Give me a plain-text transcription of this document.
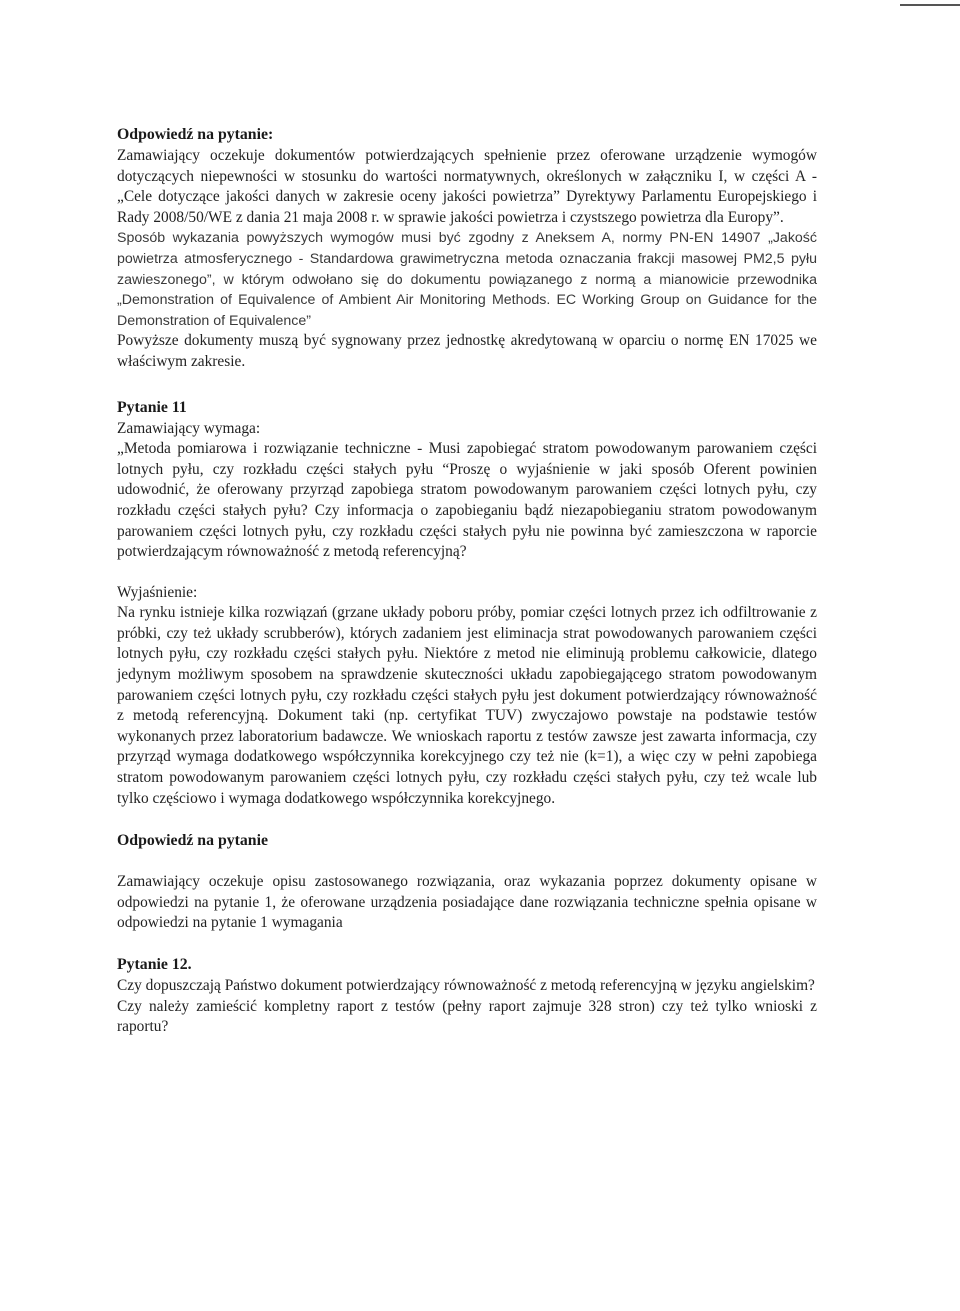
Odpowiedź na pytanie:

Zamawiający oczekuje dokumentów potwierdzających spełnienie przez oferowane urządzenie wymogów dotyczących niepewności w stosunku do wartości normatywnych, określonych w załączniku I, w części A - „Cele dotyczące jakości danych w zakresie oceny jakości powietrza” Dyrektywy Parlamentu Europejskiego i Rady 2008/50/WE z dania 21 maja 2008 r. w sprawie jakości powietrza i czystszego powietrza dla Europy”.

Sposób wykazania powyższych wymogów musi być zgodny z Aneksem A, normy PN-EN 14907 „Jakość powietrza atmosferycznego - Standardowa grawimetryczna metoda oznaczania frakcji masowej PM2,5 pyłu zawieszonego”, w którym odwołano się do dokumentu powiązanego z normą a mianowicie przewodnika „Demonstration of Equivalence of Ambient Air Monitoring Methods. EC Working Group on Guidance for the Demonstration of Equivalence”

Powyższe dokumenty muszą być sygnowany przez jednostkę akredytowaną w oparciu o normę EN 17025 we właściwym zakresie.

Pytanie 11

Zamawiający wymaga:

„Metoda pomiarowa i rozwiązanie techniczne - Musi zapobiegać stratom powodowanym parowaniem części lotnych pyłu, czy rozkładu części stałych pyłu “Proszę o wyjaśnienie w jaki sposób Oferent powinien udowodnić, że oferowany przyrząd zapobiega stratom powodowanym parowaniem części lotnych pyłu, czy rozkładu części stałych pyłu? Czy informacja o zapobieganiu bądź niezapobieganiu stratom powodowanym parowaniem części lotnych pyłu, czy rozkładu części stałych pyłu nie powinna być zamieszczona w raporcie potwierdzającym równoważność z metodą referencyjną?

Wyjaśnienie:

Na rynku istnieje kilka rozwiązań (grzane układy poboru próby, pomiar części lotnych przez ich odfiltrowanie z próbki, czy też układy scrubberów), których zadaniem jest eliminacja strat powodowanych parowaniem części lotnych pyłu, czy rozkładu części stałych pyłu. Niektóre z metod nie eliminują problemu całkowicie, dlatego jedynym możliwym sposobem na sprawdzenie skuteczności układu zapobiegającego stratom powodowanym parowaniem części lotnych pyłu, czy rozkładu części stałych pyłu jest dokument potwierdzający równoważność z metodą referencyjną. Dokument taki (np. certyfikat TUV) zwyczajowo powstaje na podstawie testów wykonanych przez laboratorium badawcze. We wnioskach raportu z testów zawsze jest zawarta informacja, czy przyrząd wymaga dodatkowego współczynnika korekcyjnego czy też nie (k=1), a więc czy w pełni zapobiega stratom powodowanym parowaniem części lotnych pyłu, czy rozkładu części stałych pyłu, czy też wcale lub tylko częściowo i wymaga dodatkowego współczynnika korekcyjnego.

Odpowiedź na pytanie

Zamawiający oczekuje opisu zastosowanego rozwiązania, oraz wykazania poprzez dokumenty opisane w odpowiedzi na pytanie 1, że oferowane urządzenia posiadające dane rozwiązania techniczne spełnia opisane w odpowiedzi na pytanie 1 wymagania

Pytanie 12.

Czy dopuszczają Państwo dokument potwierdzający równoważność z metodą referencyjną w języku angielskim?

Czy należy zamieścić kompletny raport z testów (pełny raport zajmuje 328 stron) czy też tylko wnioski z raportu?
